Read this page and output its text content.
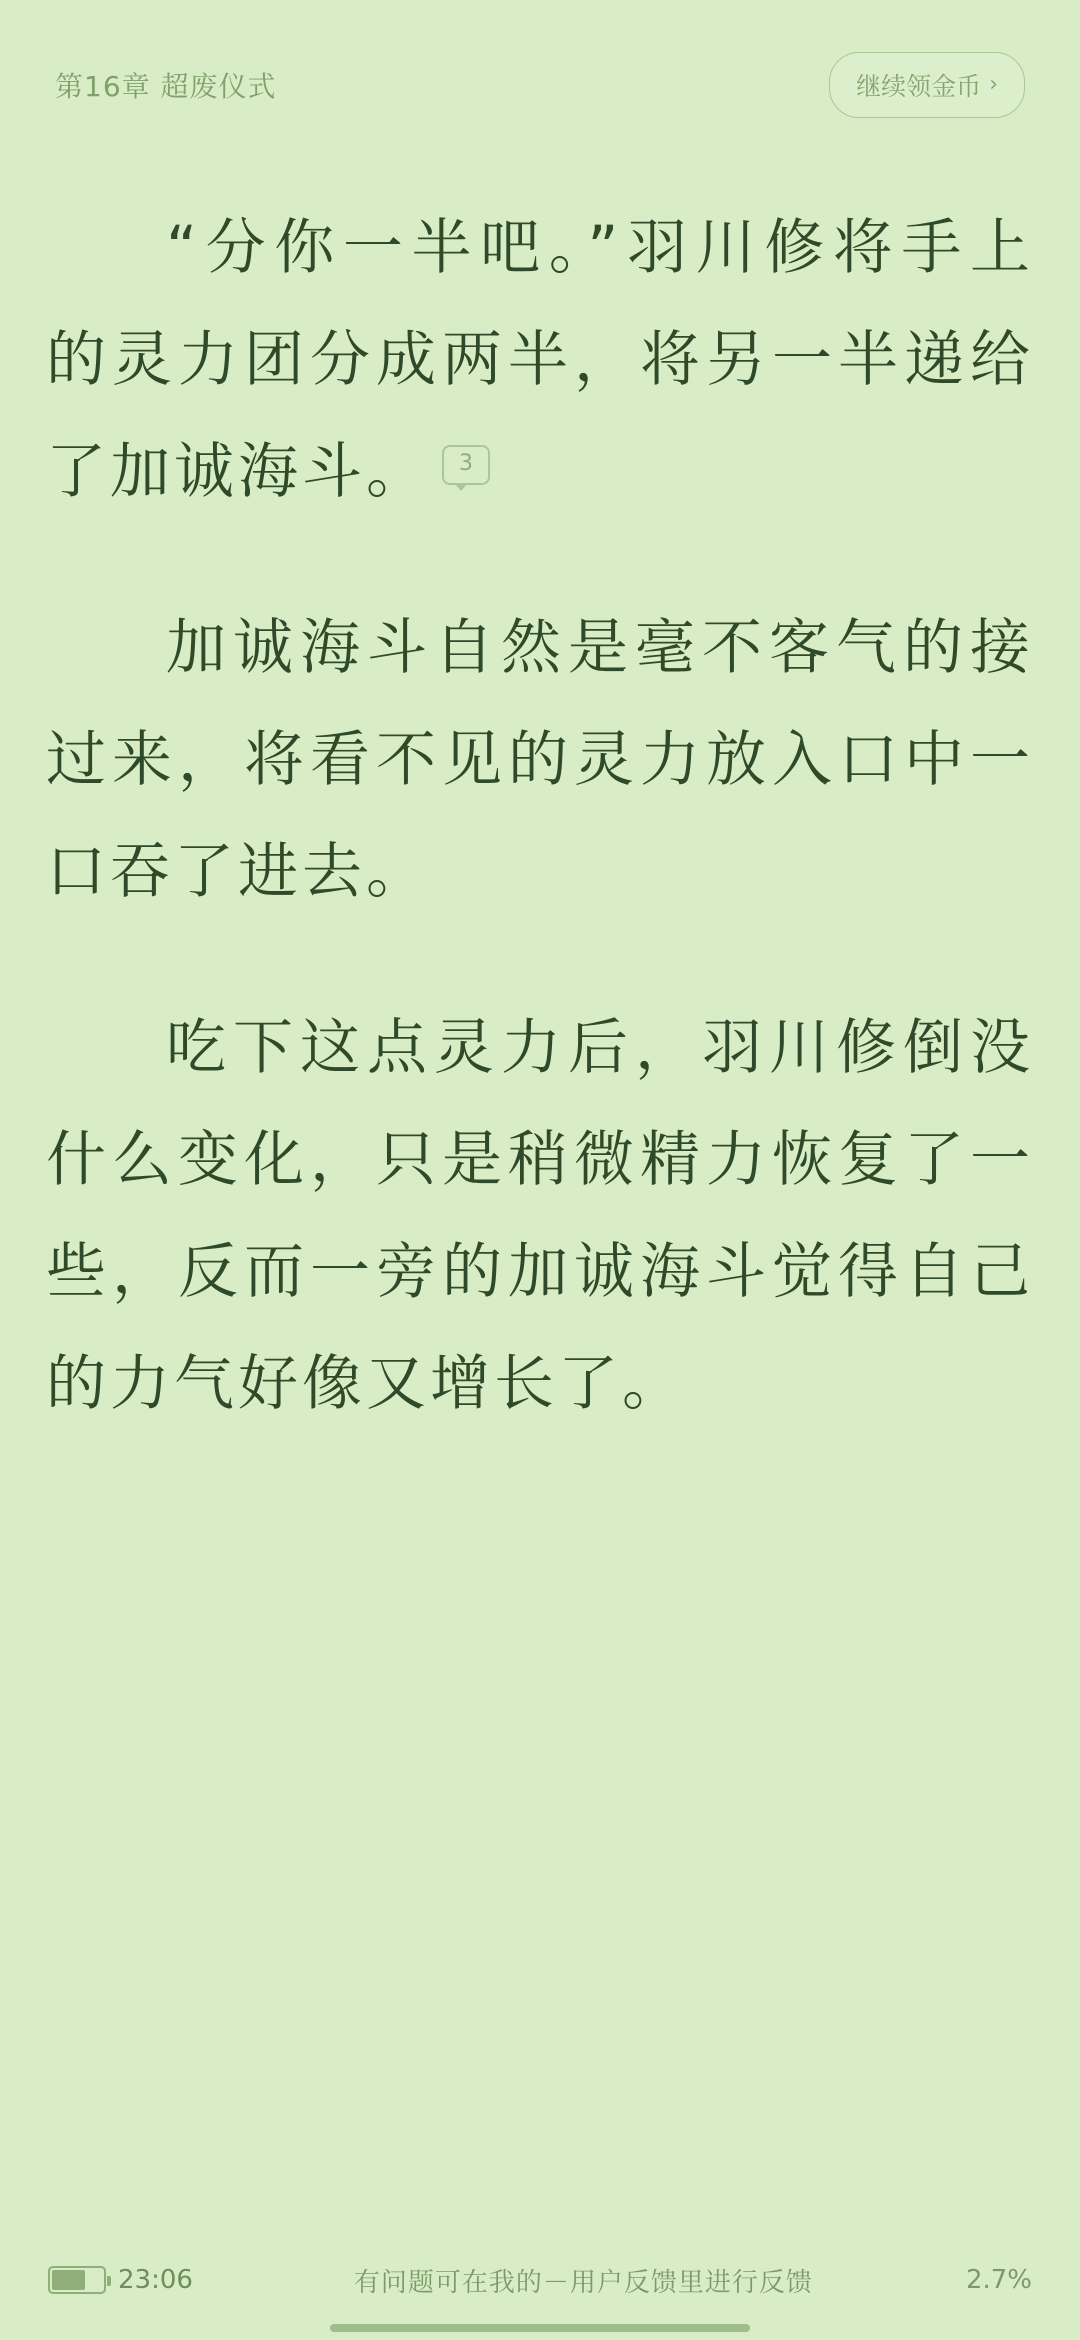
第16章 超废仪式	继续领金币 ›

“分你一半吧。”羽川修将手上的灵力团分成两半，将另一半递给了加诚海斗。 3

加诚海斗自然是毫不客气的接过来，将看不见的灵力放入口中一口吞了进去。

吃下这点灵力后，羽川修倒没什么变化，只是稍微精力恢复了一些，反而一旁的加诚海斗觉得自己的力气好像又增长了。

23:06	有问题可在我的－用户反馈里进行反馈	2.7%
